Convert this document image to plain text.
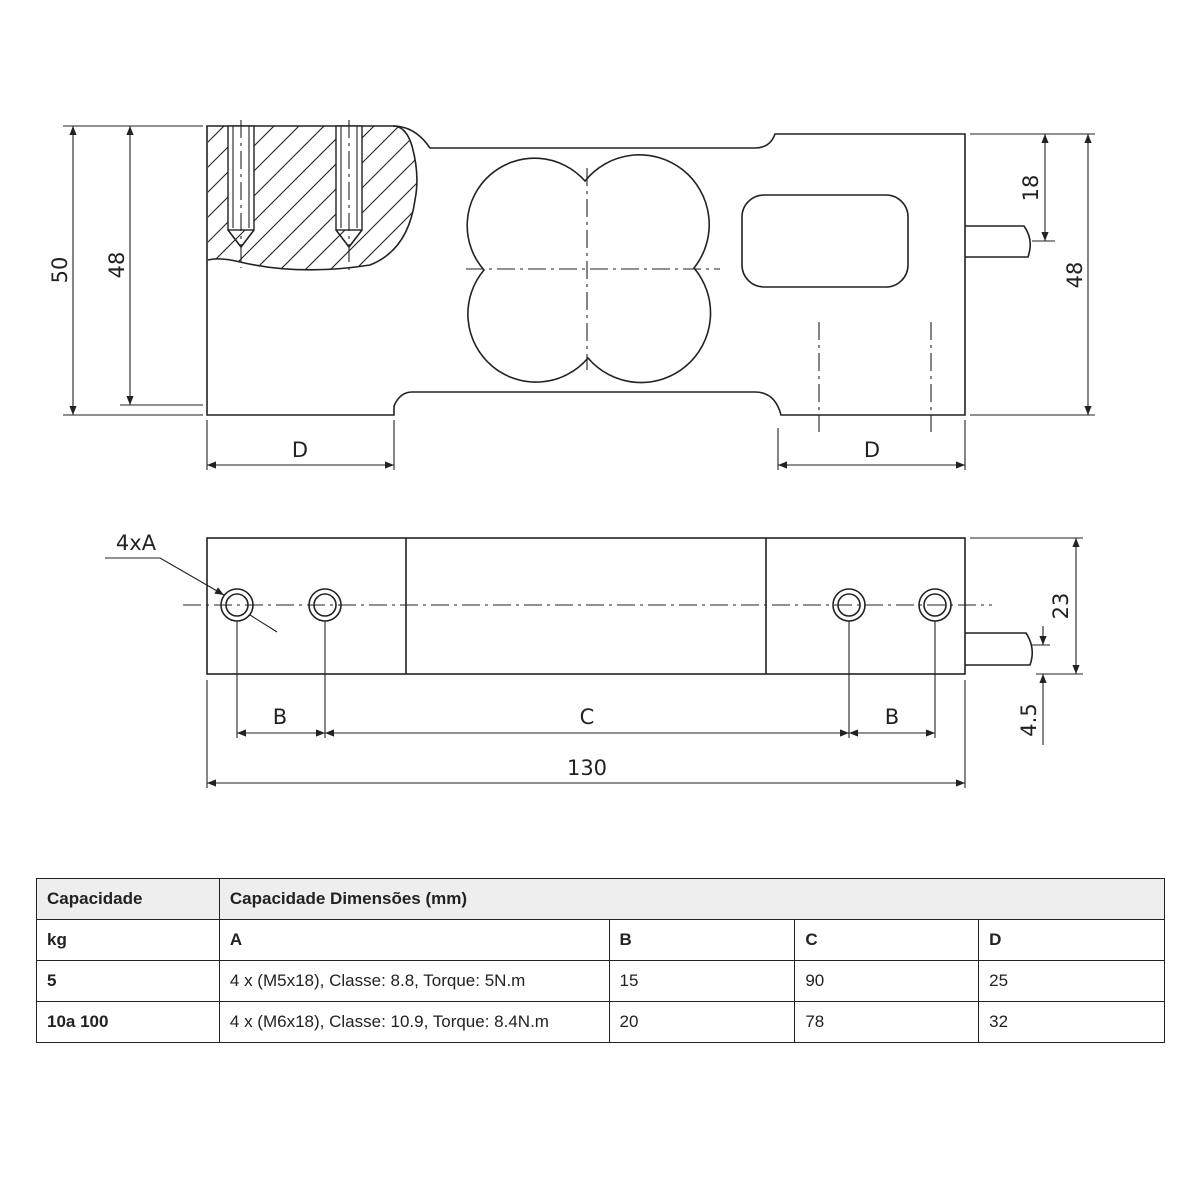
50 48
D	D
18
48
4xA
B	C	B
130
23
4.5
Capacidade	Capacidade Dimensões (mm)			
kg	A	B	C	D
5	4 x (M5x18), Classe: 8.8, Torque: 5N.m	15	90	25
10a 100	4 x (M6x18), Classe: 10.9, Torque: 8.4N.m	20	78	32
